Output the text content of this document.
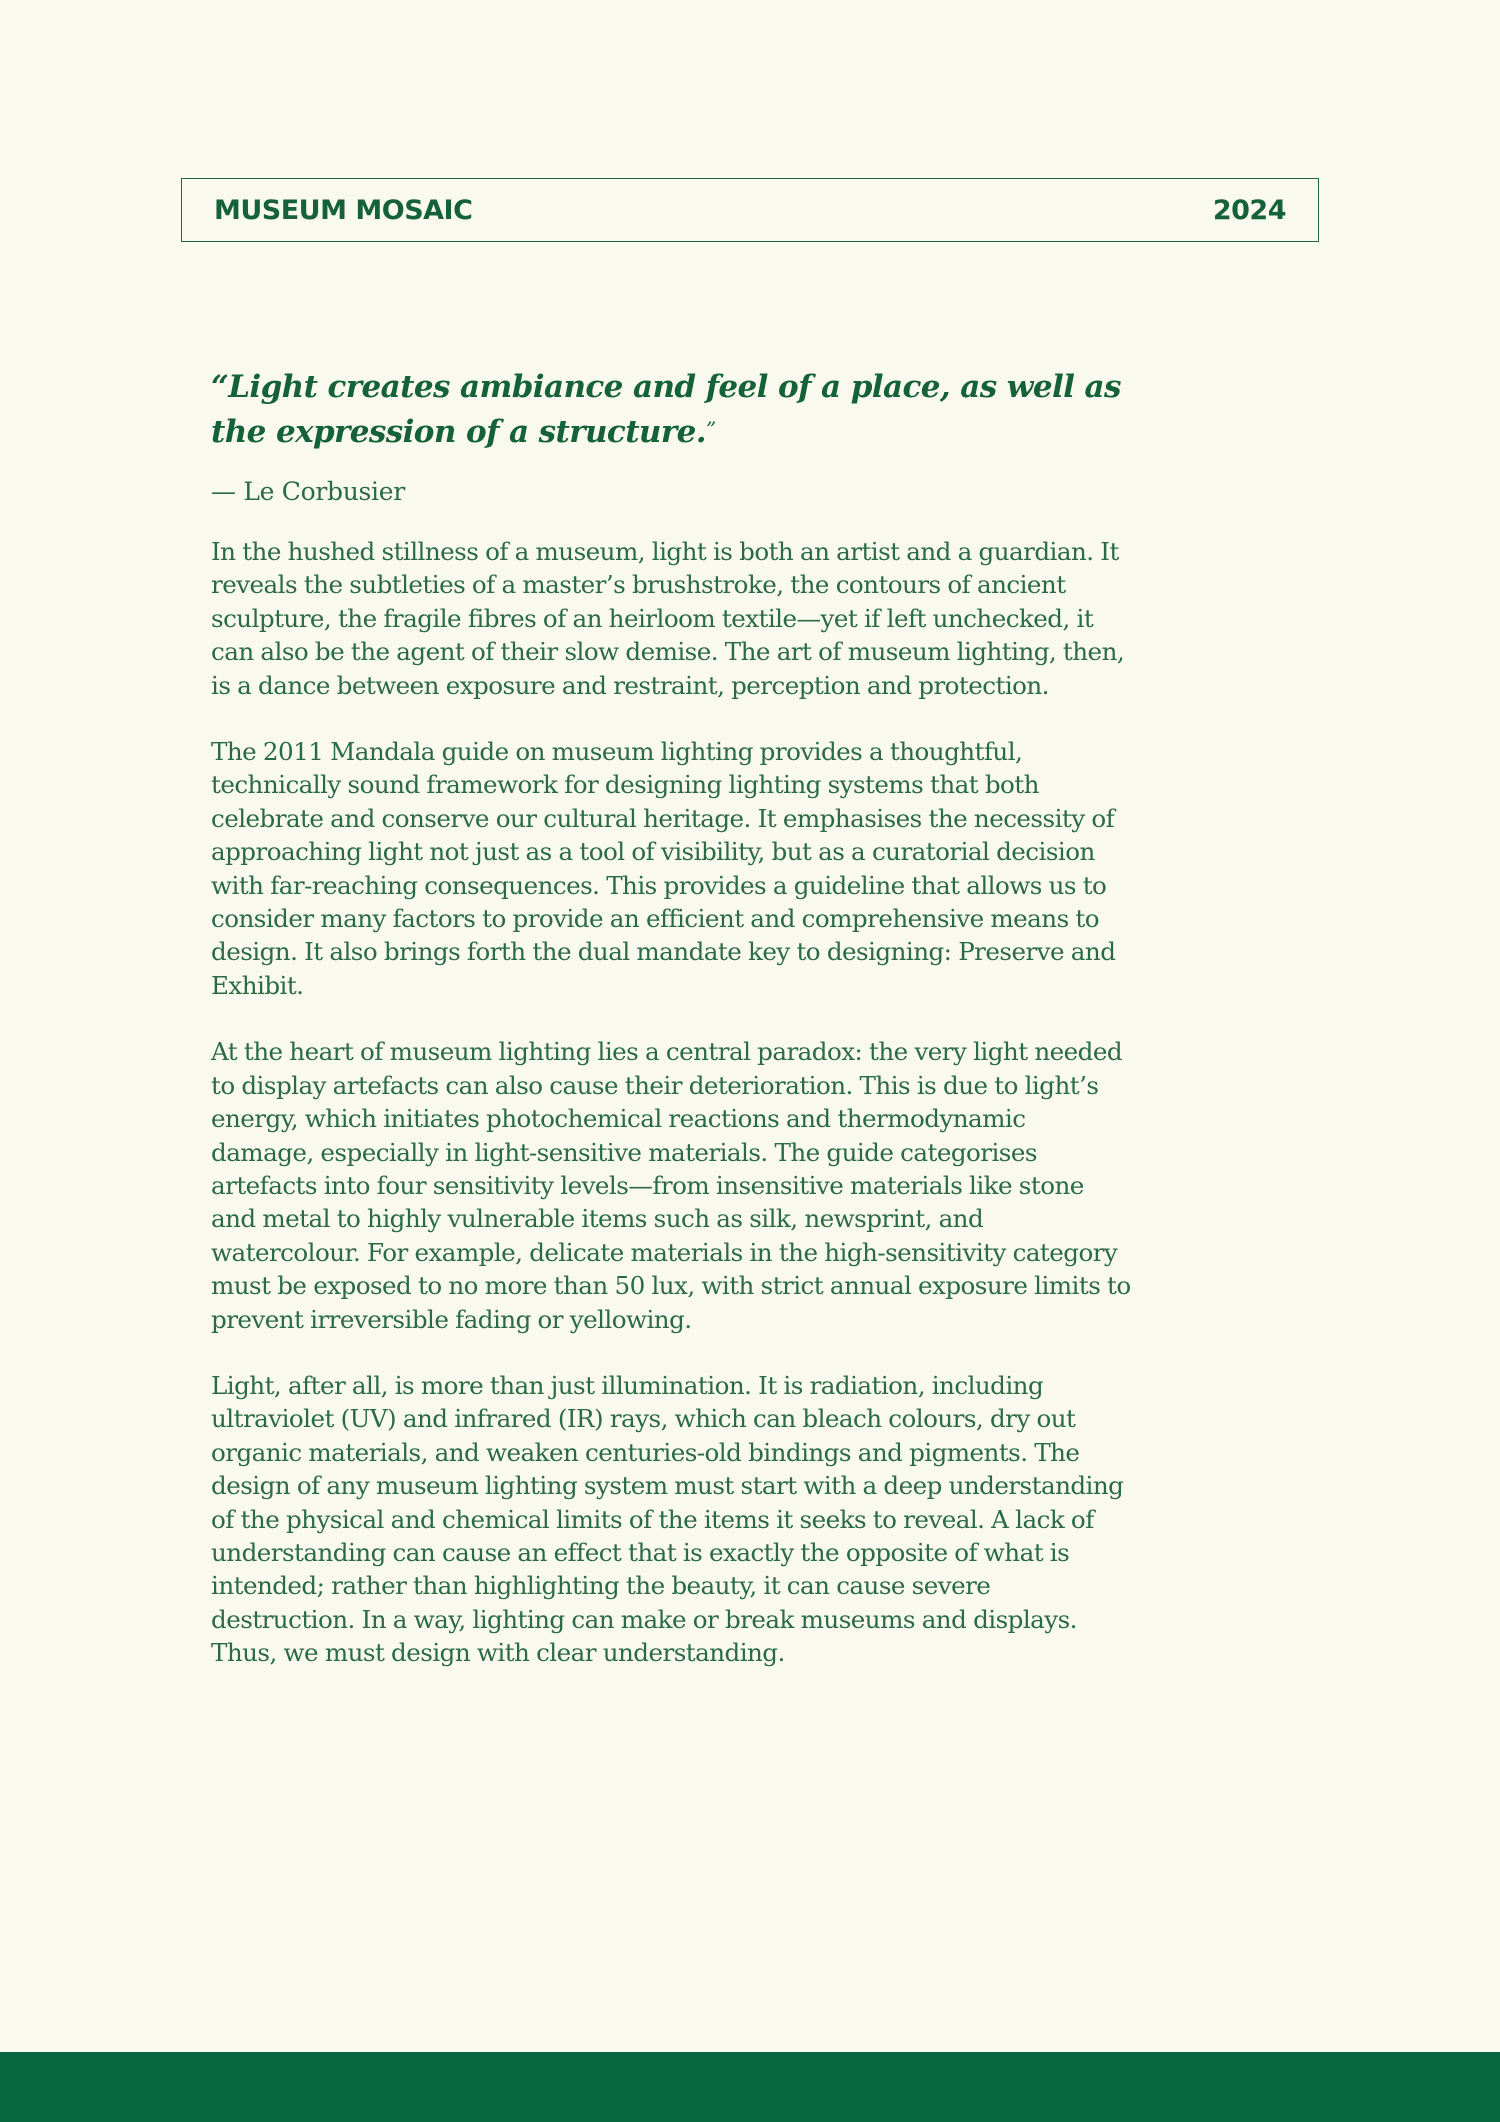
MUSEUM MOSAIC	2024

“Light creates ambiance and feel of a place, as well as the expression of a structure.”

— Le Corbusier

In the hushed stillness of a museum, light is both an artist and a guardian. It reveals the subtleties of a master’s brushstroke, the contours of ancient sculpture, the fragile fibres of an heirloom textile—yet if left unchecked, it can also be the agent of their slow demise. The art of museum lighting, then, is a dance between exposure and restraint, perception and protection.

The 2011 Mandala guide on museum lighting provides a thoughtful, technically sound framework for designing lighting systems that both celebrate and conserve our cultural heritage. It emphasises the necessity of approaching light not just as a tool of visibility, but as a curatorial decision with far-reaching consequences. This provides a guideline that allows us to consider many factors to provide an efficient and comprehensive means to design. It also brings forth the dual mandate key to designing: Preserve and Exhibit.

At the heart of museum lighting lies a central paradox: the very light needed to display artefacts can also cause their deterioration. This is due to light’s energy, which initiates photochemical reactions and thermodynamic damage, especially in light-sensitive materials. The guide categorises artefacts into four sensitivity levels—from insensitive materials like stone and metal to highly vulnerable items such as silk, newsprint, and watercolour. For example, delicate materials in the high-sensitivity category must be exposed to no more than 50 lux, with strict annual exposure limits to prevent irreversible fading or yellowing.

Light, after all, is more than just illumination. It is radiation, including ultraviolet (UV) and infrared (IR) rays, which can bleach colours, dry out organic materials, and weaken centuries-old bindings and pigments. The design of any museum lighting system must start with a deep understanding of the physical and chemical limits of the items it seeks to reveal. A lack of understanding can cause an effect that is exactly the opposite of what is intended; rather than highlighting the beauty, it can cause severe destruction. In a way, lighting can make or break museums and displays. Thus, we must design with clear understanding.
